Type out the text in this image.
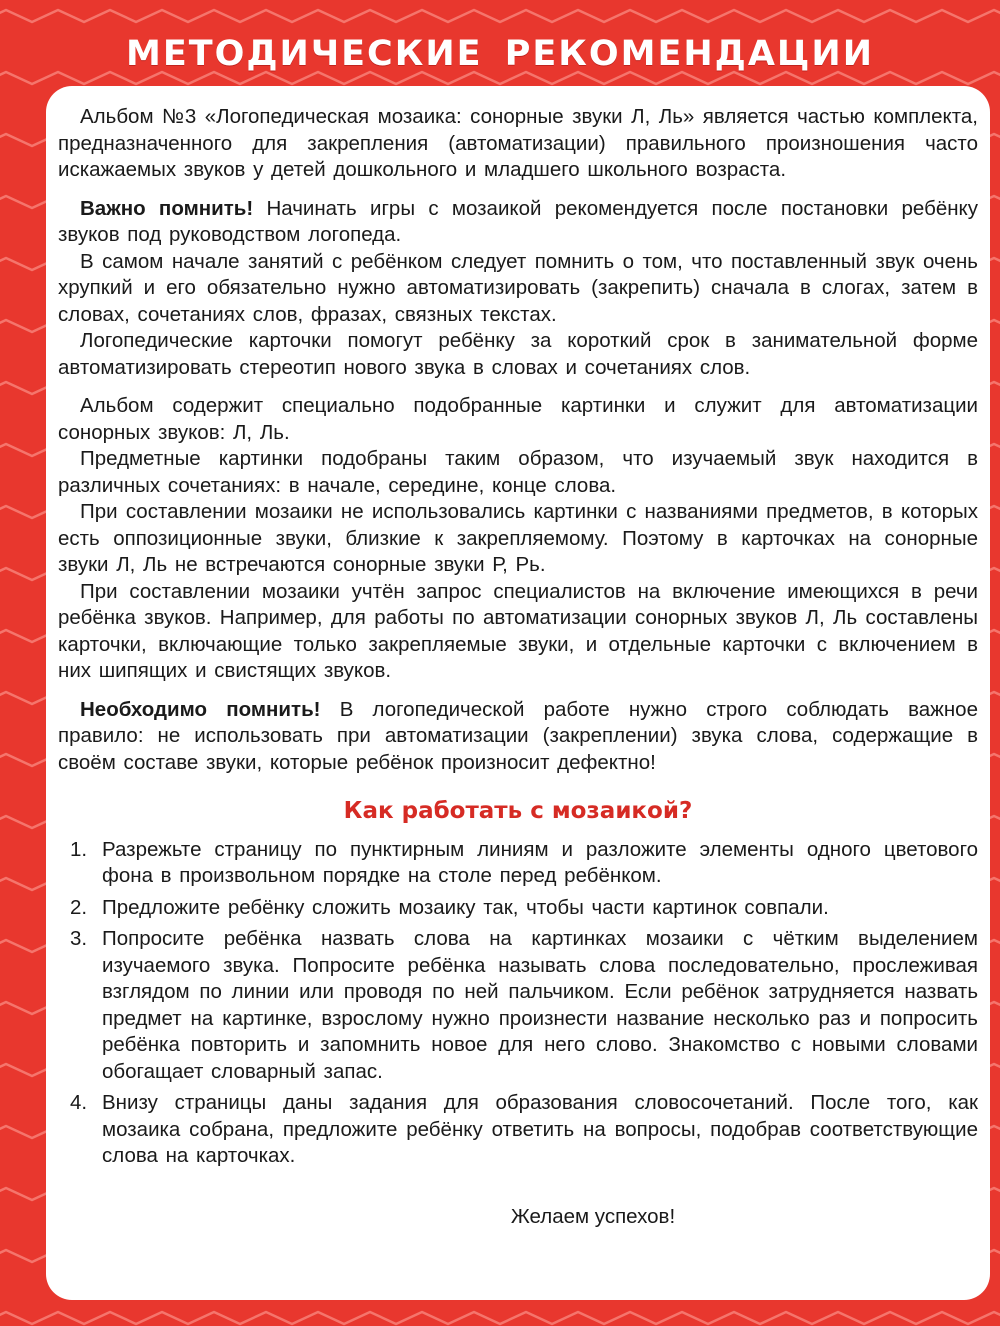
МЕТОДИЧЕСКИЕ РЕКОМЕНДАЦИИ

Альбом №3 «Логопедическая мозаика: сонорные звуки Л, Ль» является частью комплекта, предназначенного для закрепления (автоматизации) правильного произношения часто искажаемых звуков у детей дошкольного и младшего школьного возраста.

Важно помнить! Начинать игры с мозаикой рекомендуется после постановки ребёнку звуков под руководством логопеда.

В самом начале занятий с ребёнком следует помнить о том, что поставленный звук очень хрупкий и его обязательно нужно автоматизировать (закрепить) сначала в слогах, затем в словах, сочетаниях слов, фразах, связных текстах.

Логопедические карточки помогут ребёнку за короткий срок в занимательной форме автоматизировать стереотип нового звука в словах и сочетаниях слов.

Альбом содержит специально подобранные картинки и служит для автоматизации сонорных звуков: Л, Ль.

Предметные картинки подобраны таким образом, что изучаемый звук находится в различных сочетаниях: в начале, середине, конце слова.

При составлении мозаики не использовались картинки с названиями предметов, в которых есть оппозиционные звуки, близкие к закрепляемому. Поэтому в карточках на сонорные звуки Л, Ль не встречаются сонорные звуки Р, Рь.

При составлении мозаики учтён запрос специалистов на включение имеющихся в речи ребёнка звуков. Например, для работы по автоматизации сонорных звуков Л, Ль составлены карточки, включающие только закрепляемые звуки, и отдельные карточки с включением в них шипящих и свистящих звуков.

Необходимо помнить! В логопедической работе нужно строго соблюдать важное правило: не использовать при автоматизации (закреплении) звука слова, содержащие в своём составе звуки, которые ребёнок произносит дефектно!

Как работать с мозаикой?
1. Разрежьте страницу по пунктирным линиям и разложите элементы одного цветового фона в произвольном порядке на столе перед ребёнком.
2. Предложите ребёнку сложить мозаику так, чтобы части картинок совпали.
3. Попросите ребёнка назвать слова на картинках мозаики с чётким выделением изучаемого звука. Попросите ребёнка называть слова последовательно, прослеживая взглядом по линии или проводя по ней пальчиком. Если ребёнок затрудняется назвать предмет на картинке, взрослому нужно произнести название несколько раз и попросить ребёнка повторить и запомнить новое для него слово. Знакомство с новыми словами обогащает словарный запас.
4. Внизу страницы даны задания для образования словосочетаний. После того, как мозаика собрана, предложите ребёнку ответить на вопросы, подобрав соответствующие слова на карточках.
Желаем успехов!
